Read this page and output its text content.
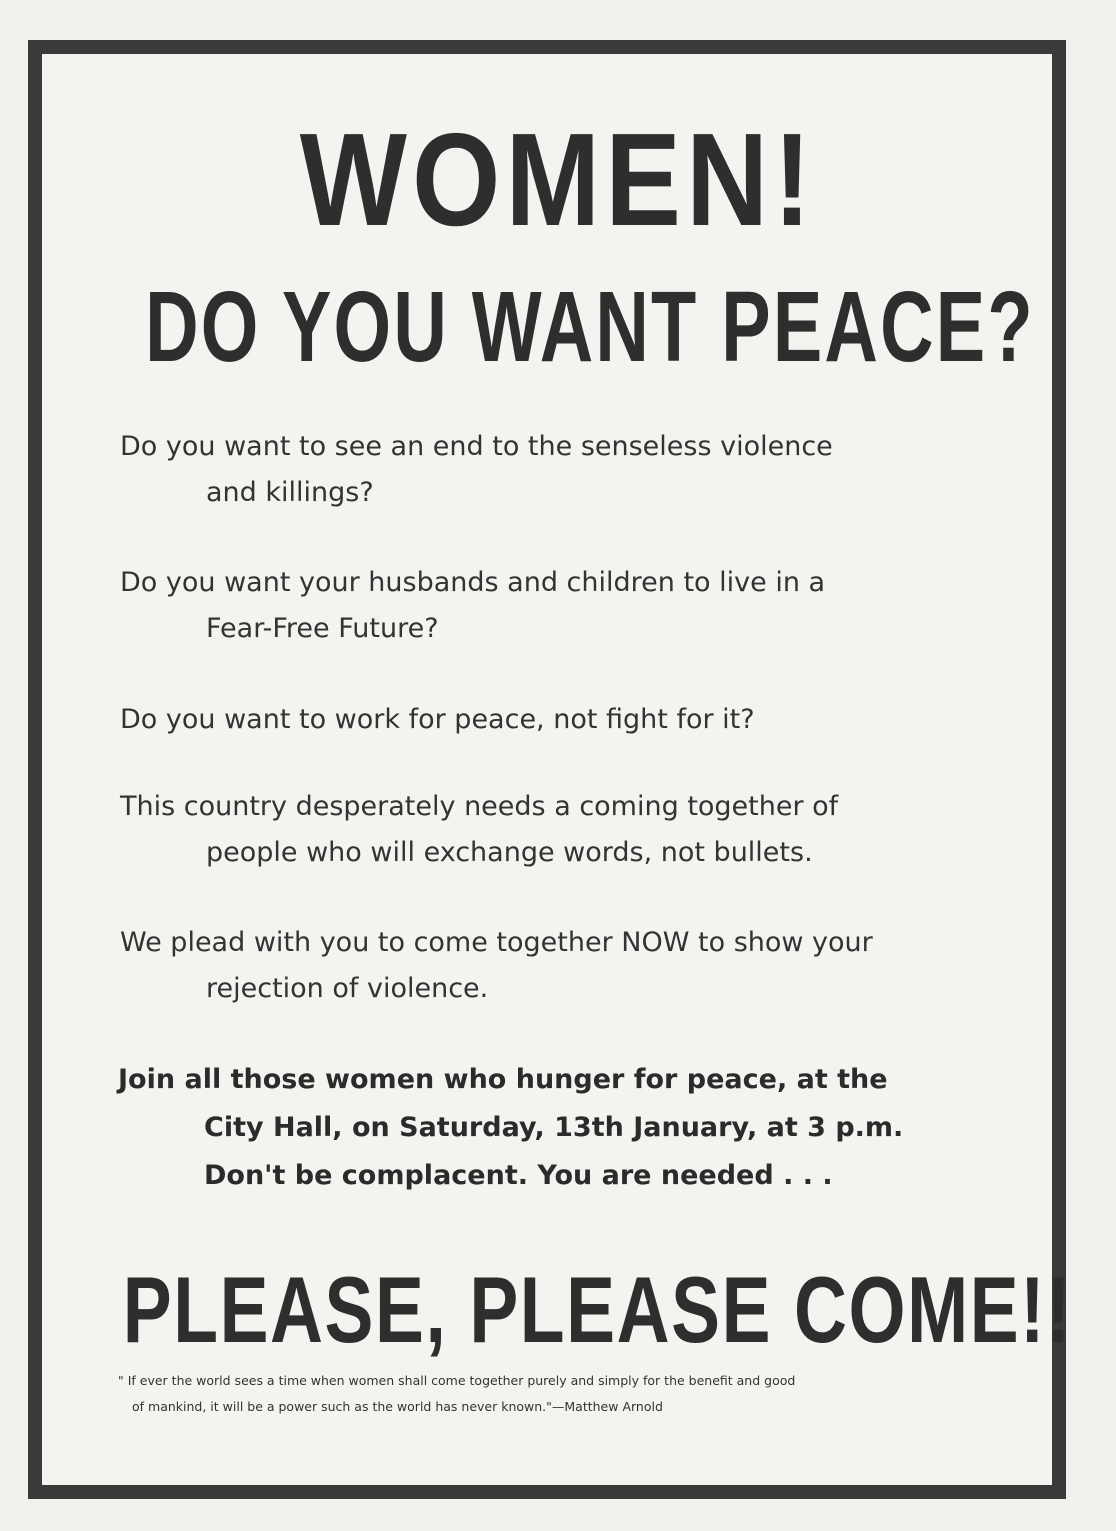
WOMEN!
DO YOU WANT PEACE?
Do you want to see an end to the senseless violence
and killings?
Do you want your husbands and children to live in a
Fear-Free Future?
Do you want to work for peace, not fight for it?
This country desperately needs a coming together of
people who will exchange words, not bullets.
We plead with you to come together NOW to show your
rejection of violence.
Join all those women who hunger for peace, at the
City Hall, on Saturday, 13th January, at 3 p.m.
Don't be complacent. You are needed . . .
PLEASE, PLEASE COME!!
" If ever the world sees a time when women shall come together purely and simply for the benefit and good
of mankind, it will be a power such as the world has never known."—Matthew Arnold
